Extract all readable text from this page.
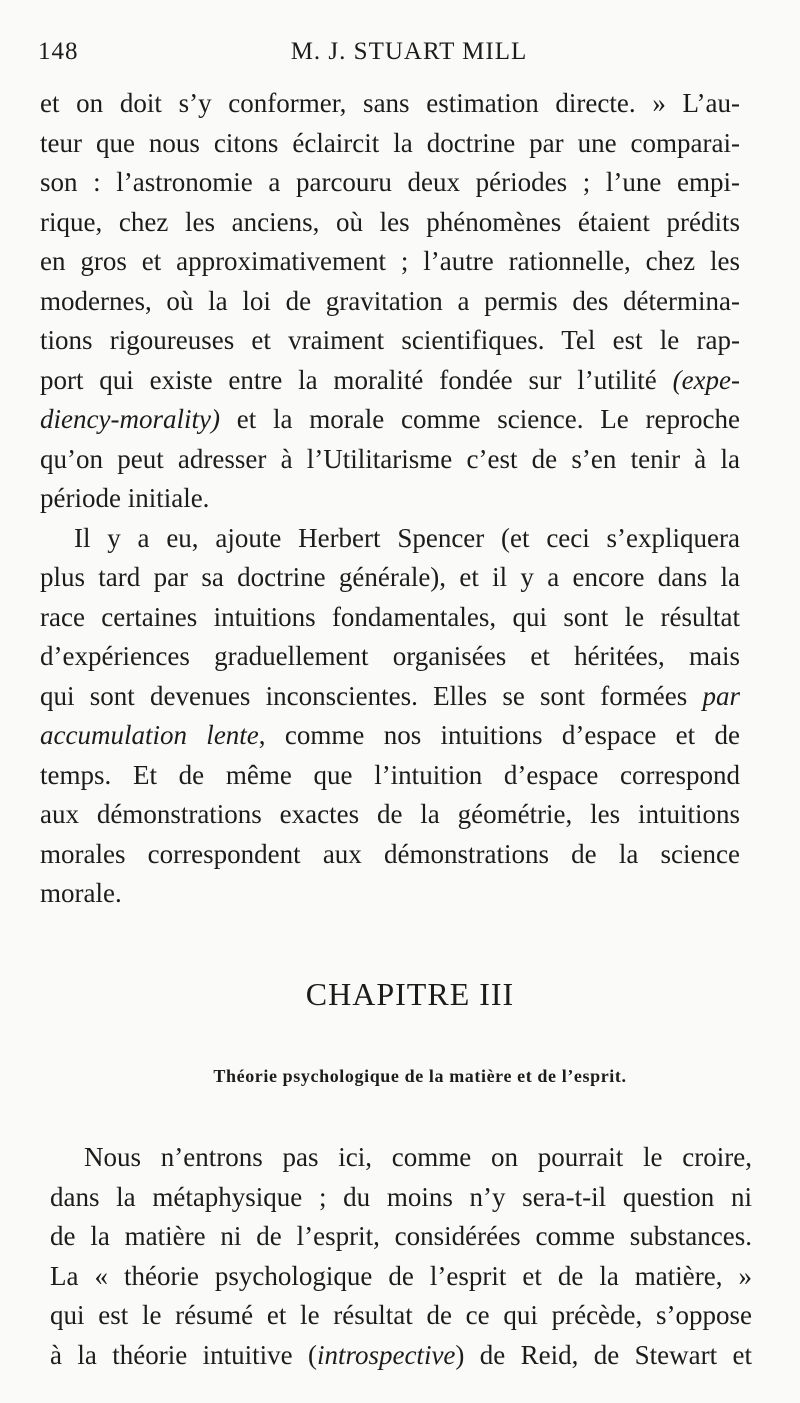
148	M. J. STUART MILL
et on doit s’y conformer, sans estimation directe. » L’au-
teur que nous citons éclaircit la doctrine par une comparai-
son : l’astronomie a parcouru deux périodes ; l’une empi-
rique, chez les anciens, où les phénomènes étaient prédits
en gros et approximativement ; l’autre rationnelle, chez les
modernes, où la loi de gravitation a permis des détermina-
tions rigoureuses et vraiment scientifiques. Tel est le rap-
port qui existe entre la moralité fondée sur l’utilité (expe-
diency-morality) et la morale comme science. Le reproche
qu’on peut adresser à l’Utilitarisme c’est de s’en tenir à la
période initiale.
Il y a eu, ajoute Herbert Spencer (et ceci s’expliquera
plus tard par sa doctrine générale), et il y a encore dans la
race certaines intuitions fondamentales, qui sont le résultat
d’expériences graduellement organisées et héritées, mais
qui sont devenues inconscientes. Elles se sont formées par
accumulation lente, comme nos intuitions d’espace et de
temps. Et de même que l’intuition d’espace correspond
aux démonstrations exactes de la géométrie, les intuitions
morales correspondent aux démonstrations de la science
morale.
CHAPITRE III
Théorie psychologique de la matière et de l’esprit.
Nous n’entrons pas ici, comme on pourrait le croire,
dans la métaphysique ; du moins n’y sera-t-il question ni
de la matière ni de l’esprit, considérées comme substances.
La « théorie psychologique de l’esprit et de la matière, »
qui est le résumé et le résultat de ce qui précède, s’oppose
à la théorie intuitive (introspective) de Reid, de Stewart et
